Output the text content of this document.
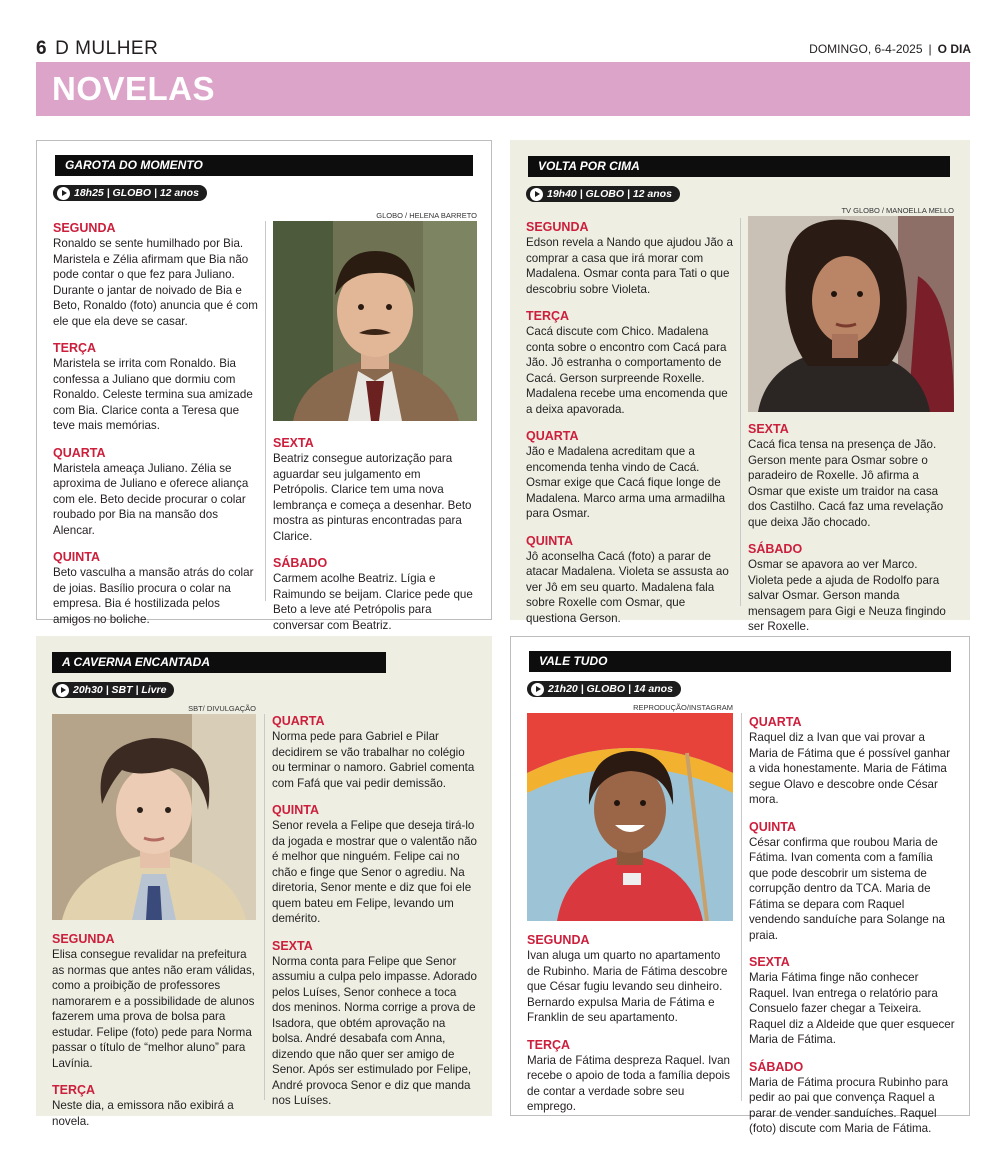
6 D MULHER	DOMINGO, 6-4-2025 | O DIA
NOVELAS
GAROTA DO MOMENTO
18h25 | GLOBO | 12 anos
SEGUNDA

Ronaldo se sente humilhado por Bia. Maristela e Zélia afirmam que Bia não pode contar o que fez para Juliano. Durante o jantar de noivado de Bia e Beto, Ronaldo (foto) anuncia que é com ele que ela deve se casar.

TERÇA

Maristela se irrita com Ronaldo. Bia confessa a Juliano que dormiu com Ronaldo. Celeste termina sua amizade com Bia. Clarice conta a Teresa que teve mais memórias.

QUARTA

Maristela ameaça Juliano. Zélia se aproxima de Juliano e oferece aliança com ele. Beto decide procurar o colar roubado por Bia na mansão dos Alencar.

QUINTA

Beto vasculha a mansão atrás do colar de joias. Basílio procura o colar na empresa. Bia é hostilizada pelos amigos no boliche.

GLOBO / HELENA BARRETO
SEXTA

Beatriz consegue autorização para aguardar seu julgamento em Petrópolis. Clarice tem uma nova lembrança e começa a desenhar. Beto mostra as pinturas encontradas para Clarice.

SÁBADO

Carmem acolhe Beatriz. Lígia e Raimundo se beijam. Clarice pede que Beto a leve até Petrópolis para conversar com Beatriz.

VOLTA POR CIMA
19h40 | GLOBO | 12 anos
SEGUNDA

Edson revela a Nando que ajudou Jão a comprar a casa que irá morar com Madalena. Osmar conta para Tati o que descobriu sobre Violeta.

TERÇA

Cacá discute com Chico. Madalena conta sobre o encontro com Cacá para Jão. Jô estranha o comportamento de Cacá. Gerson surpreende Roxelle. Madalena recebe uma encomenda que a deixa apavorada.

QUARTA

Jão e Madalena acreditam que a encomenda tenha vindo de Cacá. Osmar exige que Cacá fique longe de Madalena. Marco arma uma armadilha para Osmar.

QUINTA

Jô aconselha Cacá (foto) a parar de atacar Madalena. Violeta se assusta ao ver Jô em seu quarto. Madalena fala sobre Roxelle com Osmar, que questiona Gerson.

TV GLOBO / MANOELLA MELLO
SEXTA

Cacá fica tensa na presença de Jão. Gerson mente para Osmar sobre o paradeiro de Roxelle. Jô afirma a Osmar que existe um traidor na casa dos Castilho. Cacá faz uma revelação que deixa Jão chocado.

SÁBADO

Osmar se apavora ao ver Marco. Violeta pede a ajuda de Rodolfo para salvar Osmar. Gerson manda mensagem para Gigi e Neuza fingindo ser Roxelle.

A CAVERNA ENCANTADA
20h30 | SBT | Livre
SBT/ DIVULGAÇÃO
SEGUNDA

Elisa consegue revalidar na prefeitura as normas que antes não eram válidas, como a proibição de professores namorarem e a possibilidade de alunos fazerem uma prova de bolsa para estudar. Felipe (foto) pede para Norma passar o título de “melhor aluno” para Lavínia.

TERÇA

Neste dia, a emissora não exibirá a novela.

QUARTA

Norma pede para Gabriel e Pilar decidirem se vão trabalhar no colégio ou terminar o namoro. Gabriel comenta com Fafá que vai pedir demissão.

QUINTA

Senor revela a Felipe que deseja tirá-lo da jogada e mostrar que o valentão não é melhor que ninguém. Felipe cai no chão e finge que Senor o agrediu. Na diretoria, Senor mente e diz que foi ele quem bateu em Felipe, levando um demérito.

SEXTA

Norma conta para Felipe que Senor assumiu a culpa pelo impasse. Adorado pelos Luíses, Senor conhece a toca dos meninos. Norma corrige a prova de Isadora, que obtém aprovação na bolsa. André desabafa com Anna, dizendo que não quer ser amigo de Senor. Após ser estimulado por Felipe, André provoca Senor e diz que manda nos Luíses.

VALE TUDO
21h20 | GLOBO | 14 anos
REPRODUÇÃO/INSTAGRAM
SEGUNDA

Ivan aluga um quarto no apartamento de Rubinho. Maria de Fátima descobre que César fugiu levando seu dinheiro. Bernardo expulsa Maria de Fátima e Franklin de seu apartamento.

TERÇA

Maria de Fátima despreza Raquel. Ivan recebe o apoio de toda a família depois de contar a verdade sobre seu emprego.

QUARTA

Raquel diz a Ivan que vai provar a Maria de Fátima que é possível ganhar a vida honestamente. Maria de Fátima segue Olavo e descobre onde César mora.

QUINTA

César confirma que roubou Maria de Fátima. Ivan comenta com a família que pode descobrir um sistema de corrupção dentro da TCA. Maria de Fátima se depara com Raquel vendendo sanduíche para Solange na praia.

SEXTA

Maria Fátima finge não conhecer Raquel. Ivan entrega o relatório para Consuelo fazer chegar a Teixeira. Raquel diz a Aldeide que quer esquecer Maria de Fátima.

SÁBADO

Maria de Fátima procura Rubinho para pedir ao pai que convença Raquel a parar de vender sanduíches. Raquel (foto) discute com Maria de Fátima.
